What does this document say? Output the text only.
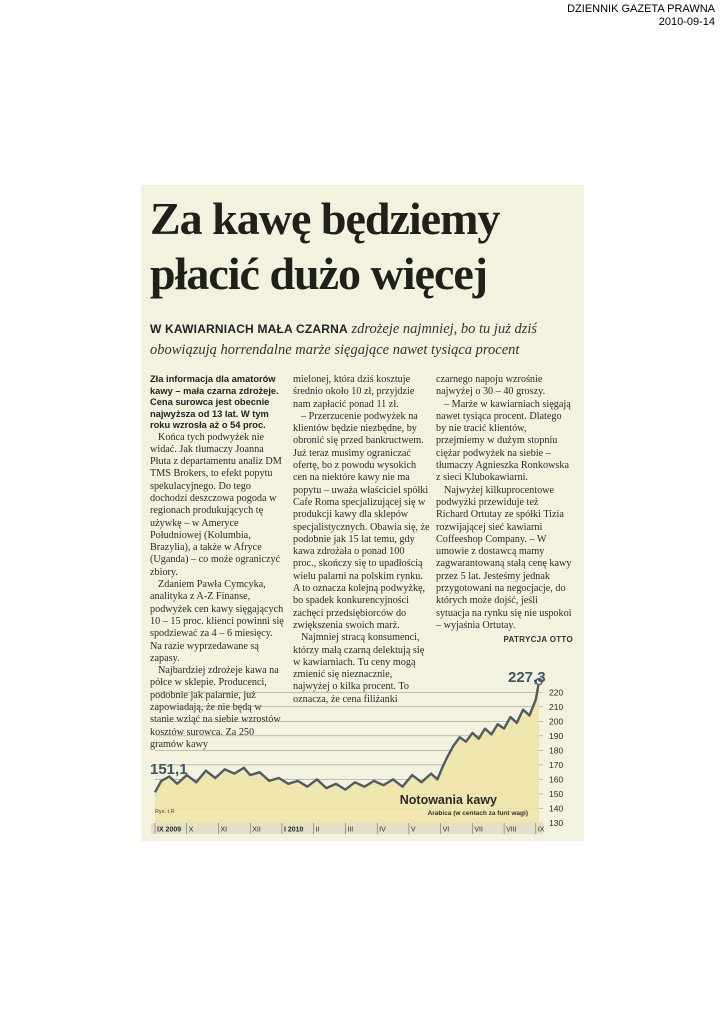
DZIENNIK GAZETA PRAWNA
2010-09-14
Za kawę będziemy
płacić dużo więcej

W KAWIARNIACH MAŁA CZARNA zdrożeje najmniej, bo tu już dziś obowiązują horrendalne marże sięgające nawet tysiąca procent

Zła informacja dla amatorów kawy – mała czarna zdrożeje. Cena surowca jest obecnie najwyższa od 13 lat. W tym roku wzrosła aż o 54 proc.

Końca tych podwyżek nie widać. Jak tłumaczy Joanna Płuta z departamentu analiz DM TMS Brokers, to efekt popytu spekulacyjnego. Do tego dochodzi deszczowa pogoda w regionach produkujących tę używkę – w Ameryce Południowej (Kolumbia, Brazylia), a także w Afryce (Uganda) – co może ograniczyć zbiory.

Zdaniem Pawła Cymcyka, analityka z A-Z Finanse, podwyżek cen kawy sięgających 10 – 15 proc. klienci powinni się spodziewać za 4 – 6 miesięcy. Na razie wyprzedawane są zapasy.

Najbardziej zdrożeje kawa na półce w sklepie. Producenci, podobnie jak palarnie, już zapowiadają, że nie będą w stanie wziąć na siebie wzrostów kosztów surowca. Za 250 gramów kawy

mielonej, która dziś kosztuje średnio około 10 zł, przyjdzie nam zapłacić ponad 11 zł.

– Przerzucenie podwyżek na klientów będzie niezbędne, by obronić się przed bankructwem. Już teraz musimy ograniczać ofertę, bo z powodu wysokich cen na niektóre kawy nie ma popytu – uważa właściciel spółki Cafe Roma specjalizującej się w produkcji kawy dla sklepów specjalistycznych. Obawia się, że podobnie jak 15 lat temu, gdy kawa zdrożała o ponad 100 proc., skończy się to upadłością wielu palarni na polskim rynku. A to oznacza kolejną podwyżkę, bo spadek konkurencyjności zachęci przedsiębiorców do zwiększenia swoich marż.

Najmniej stracą konsumenci, którzy małą czarną delektują się w kawiarniach. Tu ceny mogą zmienić się nieznacznie, najwyżej o kilka procent. To oznacza, że cena filiżanki

czarnego napoju wzrośnie najwyżej o 30 – 40 groszy.

– Marże w kawiarniach sięgają nawet tysiąca procent. Dlatego by nie tracić klientów, przejmiemy w dużym stopniu ciężar podwyżek na siebie – tłumaczy Agnieszka Ronkowska z sieci Klubokawiarni.

Najwyżej kilkuprocentowe podwyżki przewiduje też Richard Ortutay ze spółki Tizia rozwijającej sieć kawiarni Coffeeshop Company. – W umowie z dostawcą mamy zagwarantowaną stałą cenę kawy przez 5 lat. Jesteśmy jednak przygotowani na negocjacje, do których może dojść, jeśli sytuacja na rynku się nie uspokoi – wyjaśnia Ortutay.

PATRYCJA OTTO
130
140
150
160
170
180
190
200
210
220
IX 2009 X	XI	XII	I 2010 II	III	IV	V	VI	VII	VIII	IX
151,1
227,3
Notowania kawy
Arabica (w centach za funt wagi)
Rys. t.R
